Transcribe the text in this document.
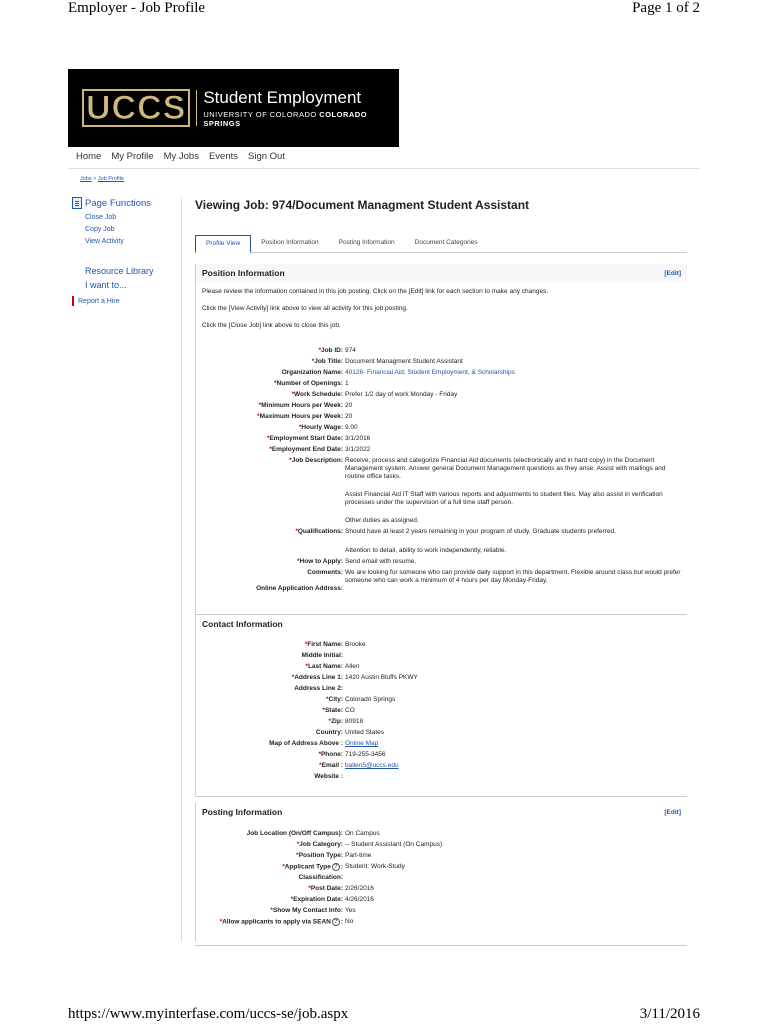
Employer - Job Profile	Page 1 of 2
UCCS Student Employment
UNIVERSITY OF COLORADO COLORADO SPRINGS
Home My Profile My Jobs Events Sign Out
Jobs > Job Profile
Page Functions
Close Job
Copy Job
View Activity
Resource Library
I want to...
Report a Hire
Viewing Job: 974/Document Managment Student Assistant
Profile View	Position Information	Posting Information	Document Categories
Position Information	[Edit]

Please review the information contained in this job posting. Click on the [Edit] link for each section to make any changes.

Click the [View Activity] link above to view all activity for this job posting.

Click the [Close Job] link above to close this job.

Contact Information
Posting Information	[Edit]
*Job ID: 974
*Job Title: Document Managment Student Assistant
Organization Name: 40126- Financial Aid, Student Employment, & Scholarships
*Number of Openings: 1
*Work Schedule: Prefer 1/2 day of work Monday - Friday
*Minimum Hours per Week: 20
*Maximum Hours per Week: 20
*Hourly Wage: 9.00
*Employment Start Date: 3/1/2016
*Employment End Date: 3/1/2022
*Job Description: Receive, process and categorize Financial Aid documents (electronically and in hard copy) in the Document Management system. Answer general Document Management questions as they arise. Assist with mailings and routine office tasks.
Assist Financial Aid IT Staff with various reports and adjustments to student files. May also assist in verification processes under the supervision of a full time staff person.
Other duties as assigned.
*Qualifications: Should have at least 2 years remaining in your program of study. Graduate students preferred.
Attention to detail, ability to work independently, reliable.
*How to Apply: Send email with resume.
Comments: We are looking for someone who can provide daily support in this department. Flexible around class but would prefer someone who can work a minimum of 4 hours per day Monday-Friday.
Online Application Address:
*First Name: Brooke
Middle Initial:
*Last Name: Allen
*Address Line 1: 1420 Austin Bluffs PKWY
Address Line 2:
*City: Colorado Springs
*State: CO
*Zip: 80918
Country: United States
Map of Address Above : Online Map
*Phone: 719-255-3456
*Email : ballen5@uccs.edu
Website :
Job Location (On/Off Campus): On Campus
*Job Category: -- Student Assistant (On Campus)
*Position Type: Part-time
*Applicant Type ? : Student: Work-Study
Classification:
*Post Date: 2/26/2016
*Expiration Date: 4/26/2016
*Show My Contact Info: Yes
*Allow applicants to apply via SEAN ? : No
https://www.myinterfase.com/uccs-se/job.aspx	3/11/2016
